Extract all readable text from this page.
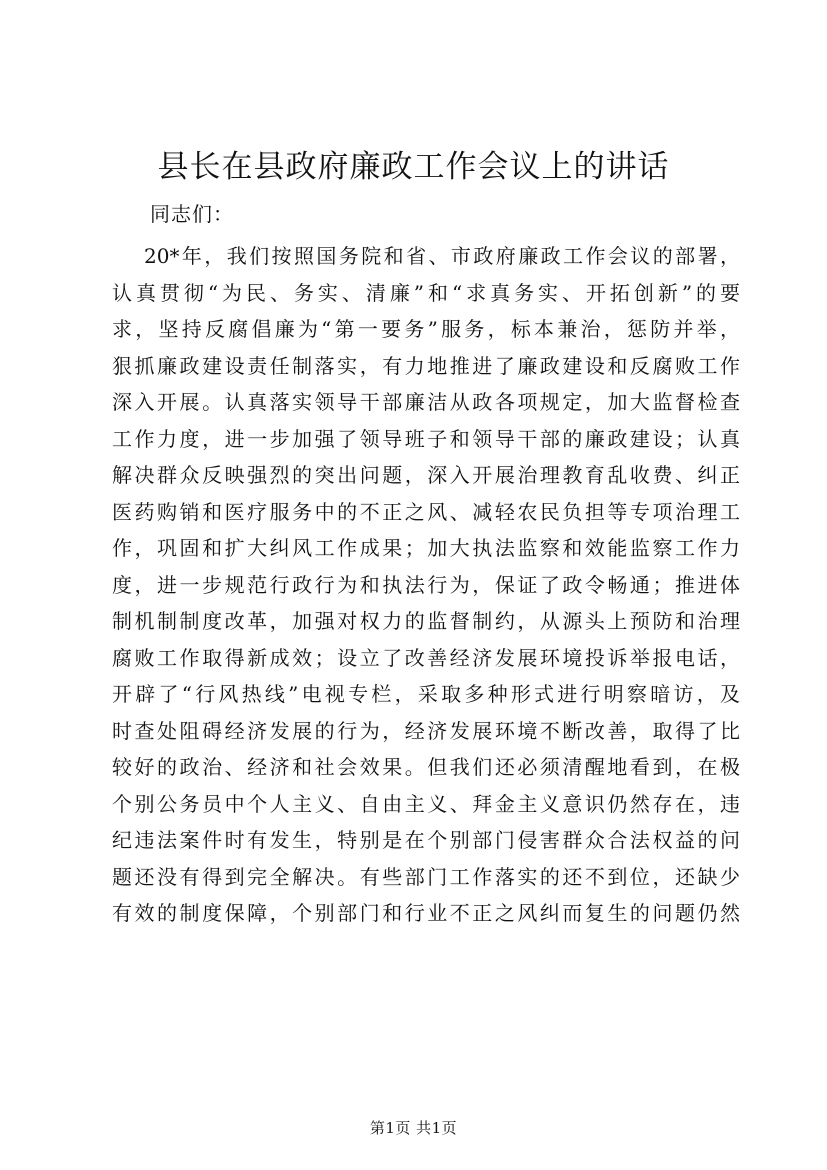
县长在县政府廉政工作会议上的讲话
同志们：
20*年，我们按照国务院和省、市政府廉政工作会议的部署，
认真贯彻“为民、务实、清廉”和“求真务实、开拓创新”的要
求，坚持反腐倡廉为“第一要务”服务，标本兼治，惩防并举，
狠抓廉政建设责任制落实，有力地推进了廉政建设和反腐败工作
深入开展。认真落实领导干部廉洁从政各项规定，加大监督检查
工作力度，进一步加强了领导班子和领导干部的廉政建设；认真
解决群众反映强烈的突出问题，深入开展治理教育乱收费、纠正
医药购销和医疗服务中的不正之风、减轻农民负担等专项治理工
作，巩固和扩大纠风工作成果；加大执法监察和效能监察工作力
度，进一步规范行政行为和执法行为，保证了政令畅通；推进体
制机制制度改革，加强对权力的监督制约，从源头上预防和治理
腐败工作取得新成效；设立了改善经济发展环境投诉举报电话，
开辟了“行风热线”电视专栏，采取多种形式进行明察暗访，及
时查处阻碍经济发展的行为，经济发展环境不断改善，取得了比
较好的政治、经济和社会效果。但我们还必须清醒地看到，在极
个别公务员中个人主义、自由主义、拜金主义意识仍然存在，违
纪违法案件时有发生，特别是在个别部门侵害群众合法权益的问
题还没有得到完全解决。有些部门工作落实的还不到位，还缺少
有效的制度保障，个别部门和行业不正之风纠而复生的问题仍然
第1页 共1页
